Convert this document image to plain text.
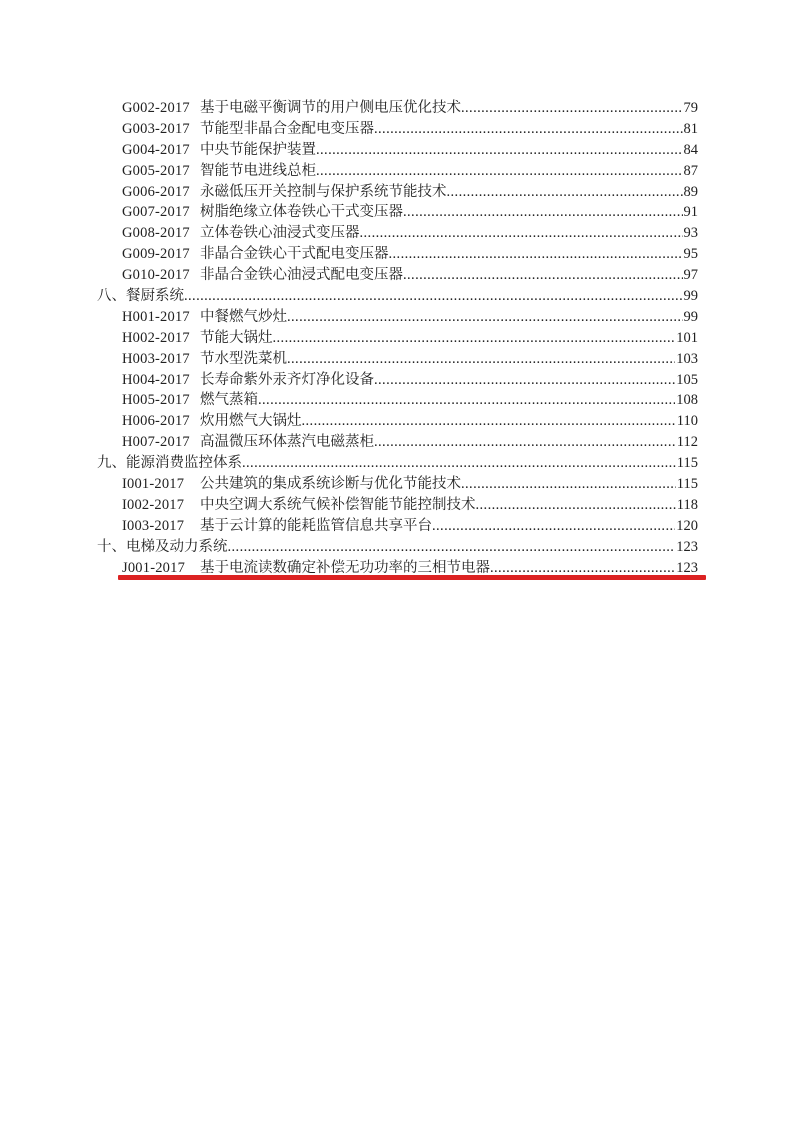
G002-2017 基于电磁平衡调节的用户侧电压优化技术 .....	79
G003-2017 节能型非晶合金配电变压器 .....	81
G004-2017 中央节能保护装置 .....	84
G005-2017 智能节电进线总柜 .....	87
G006-2017 永磁低压开关控制与保护系统节能技术 .....	89
G007-2017 树脂绝缘立体卷铁心干式变压器 .....	91
G008-2017 立体卷铁心油浸式变压器 .....	93
G009-2017 非晶合金铁心干式配电变压器 .....	95
G010-2017 非晶合金铁心油浸式配电变压器 .....	97
八、餐厨系统 .....	99
H001-2017 中餐燃气炒灶 .....	99
H002-2017 节能大锅灶 .....	101
H003-2017 节水型洗菜机 .....	103
H004-2017 长寿命紫外汞齐灯净化设备 .....	105
H005-2017 燃气蒸箱 .....	108
H006-2017 炊用燃气大锅灶 .....	110
H007-2017 高温微压环体蒸汽电磁蒸柜 .....	112
九、能源消费监控体系 .....	115
I001-2017	公共建筑的集成系统诊断与优化节能技术 .....	115
I002-2017	中央空调大系统气候补偿智能节能控制技术 .....	118
I003-2017	基于云计算的能耗监管信息共享平台 .....	120
十、电梯及动力系统 .....	123
J001-2017	基于电流读数确定补偿无功功率的三相节电器 .....	123
